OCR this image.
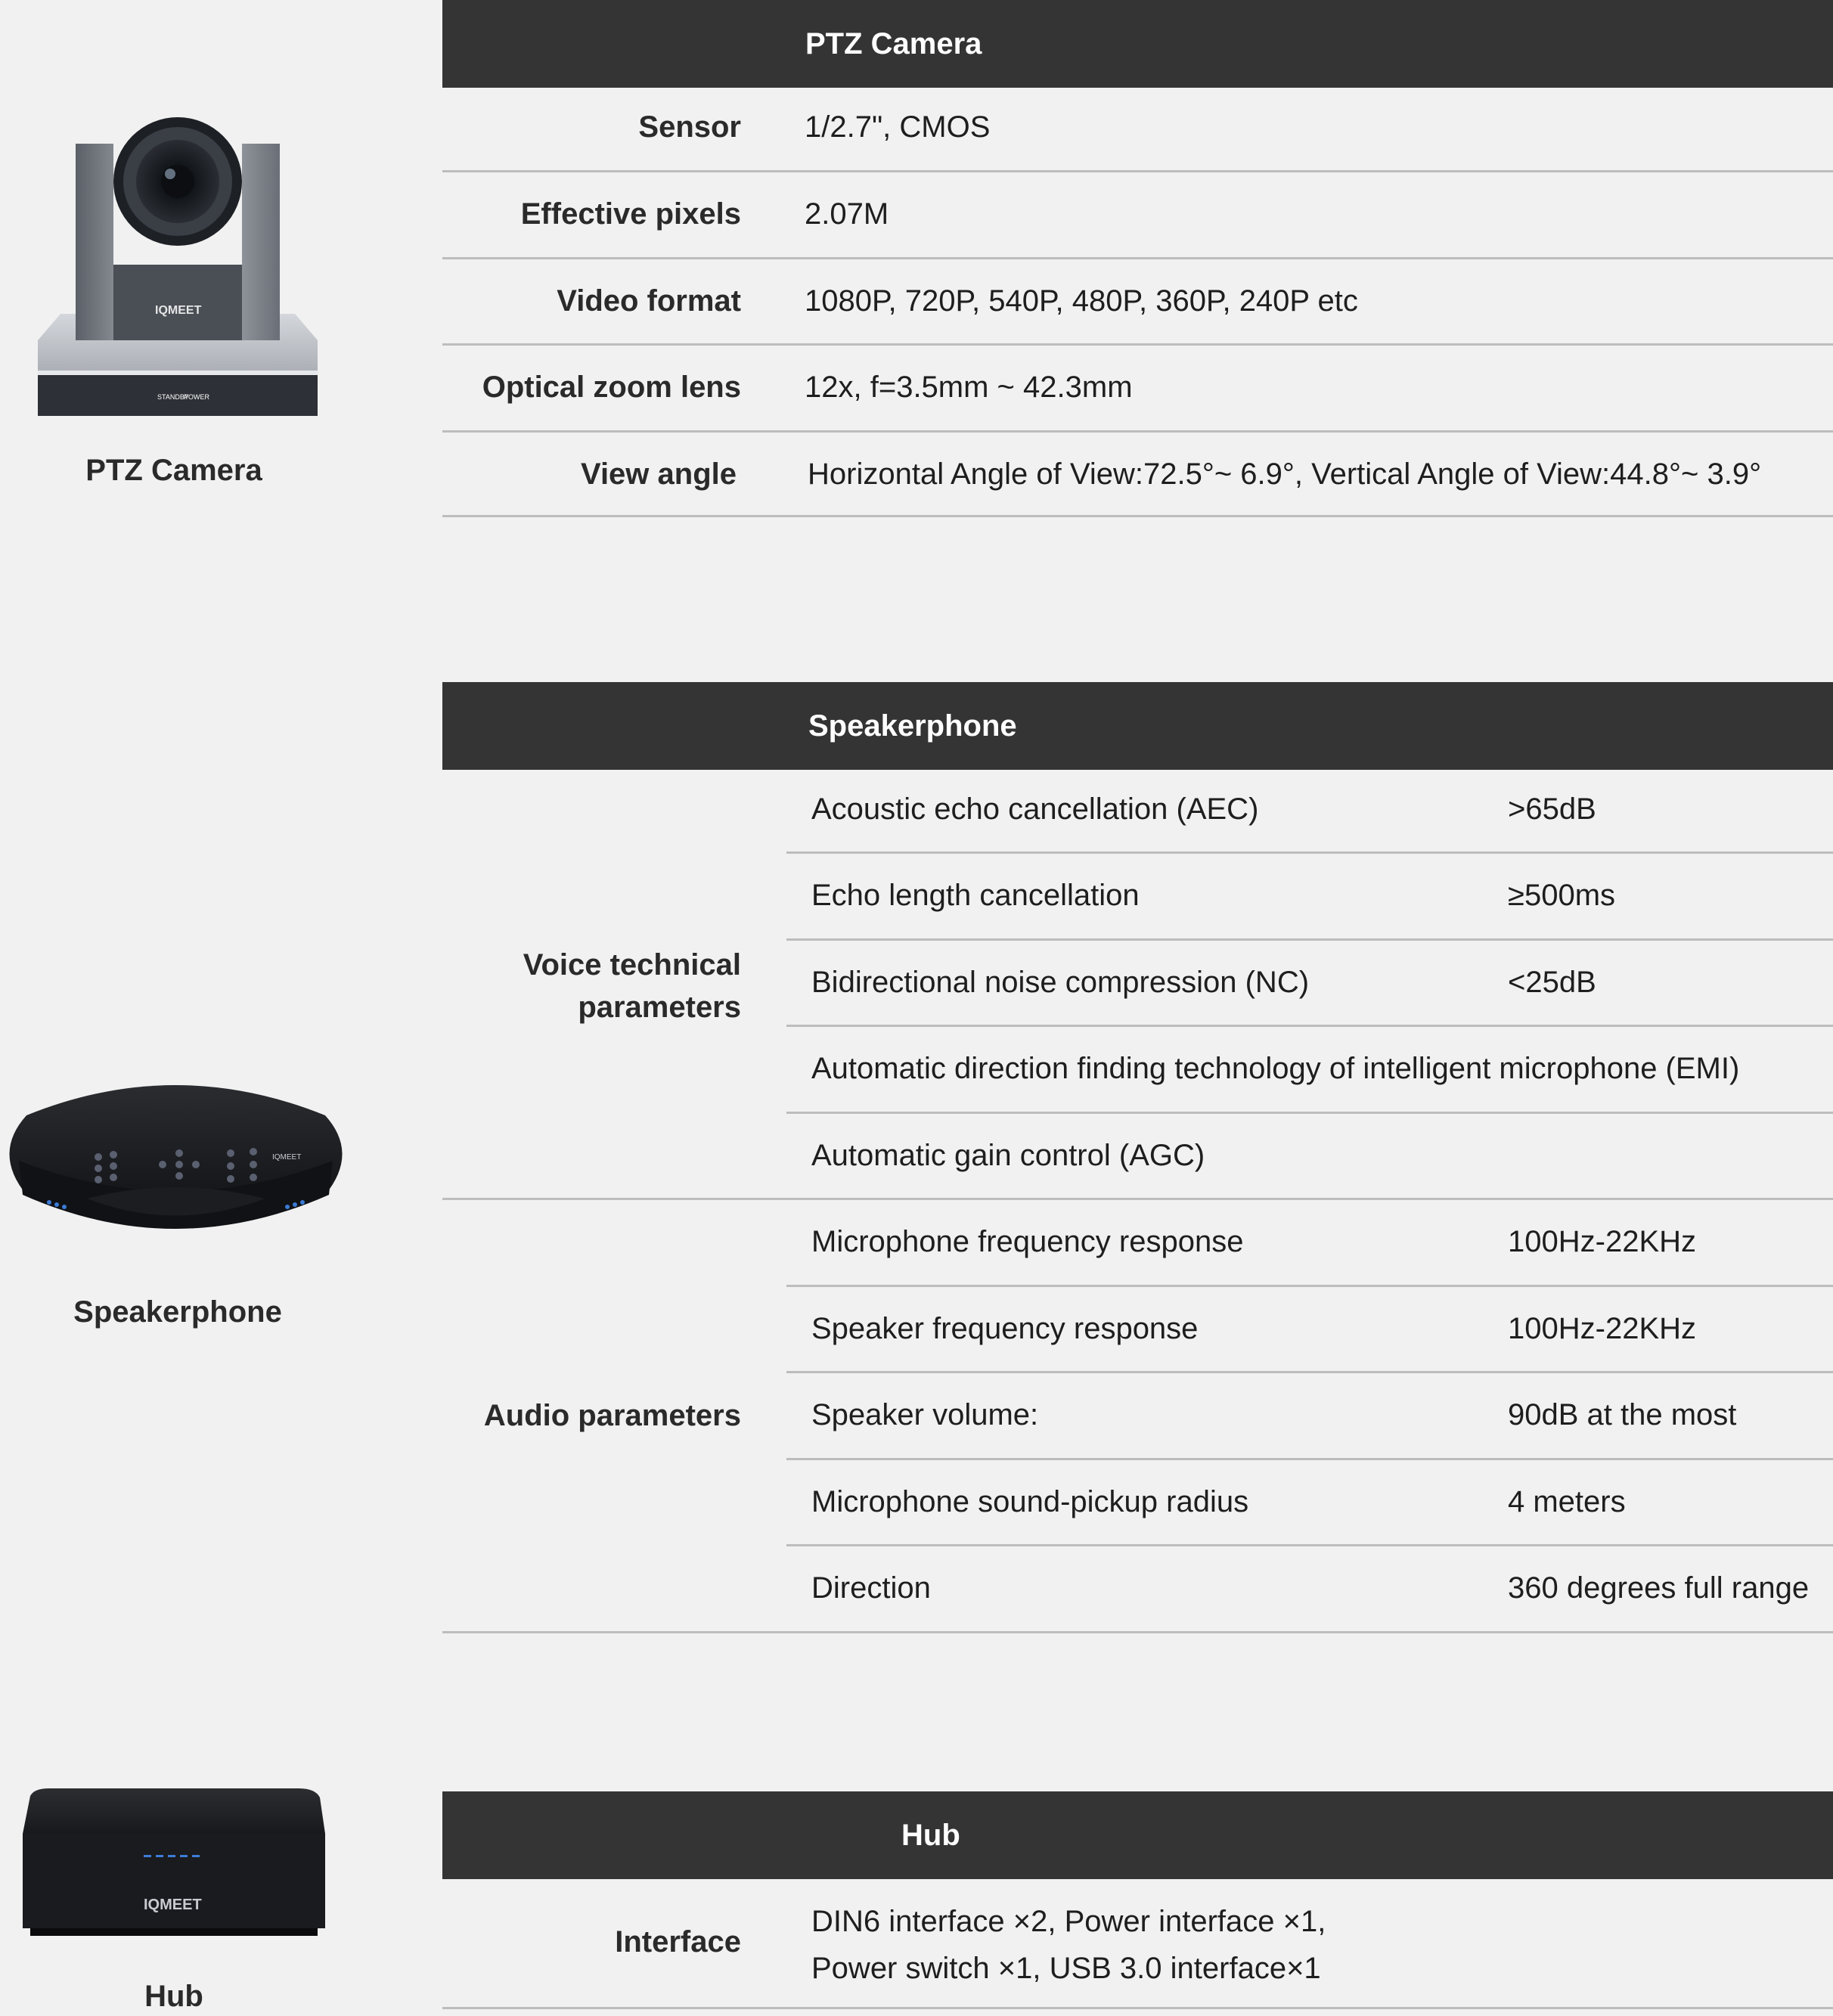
STANDBY
POWER
IQMEET
PTZ Camera
IQMEET
Speakerphone
IQMEET
Hub
PTZ Camera
Sensor 1/2.7", CMOS
Effective pixels 2.07M
Video format 1080P, 720P, 540P, 480P, 360P, 240P etc
Optical zoom lens 12x, f=3.5mm ~ 42.3mm
View angle Horizontal Angle of View:72.5°~ 6.9°, Vertical Angle of View:44.8°~ 3.9°
Speakerphone
Voice technical
parameters
Acoustic echo cancellation (AEC)	>65dB
Echo length cancellation	≥500ms
Bidirectional noise compression (NC)	<25dB
Automatic direction finding technology of intelligent microphone (EMI)
Automatic gain control (AGC)
Audio parameters
Microphone frequency response	100Hz-22KHz
Speaker frequency response	100Hz-22KHz
Speaker volume:	90dB at the most
Microphone sound-pickup radius	4 meters
Direction	360 degrees full range
Hub
Interface
DIN6 interface ×2, Power interface ×1,
Power switch ×1, USB 3.0 interface×1
